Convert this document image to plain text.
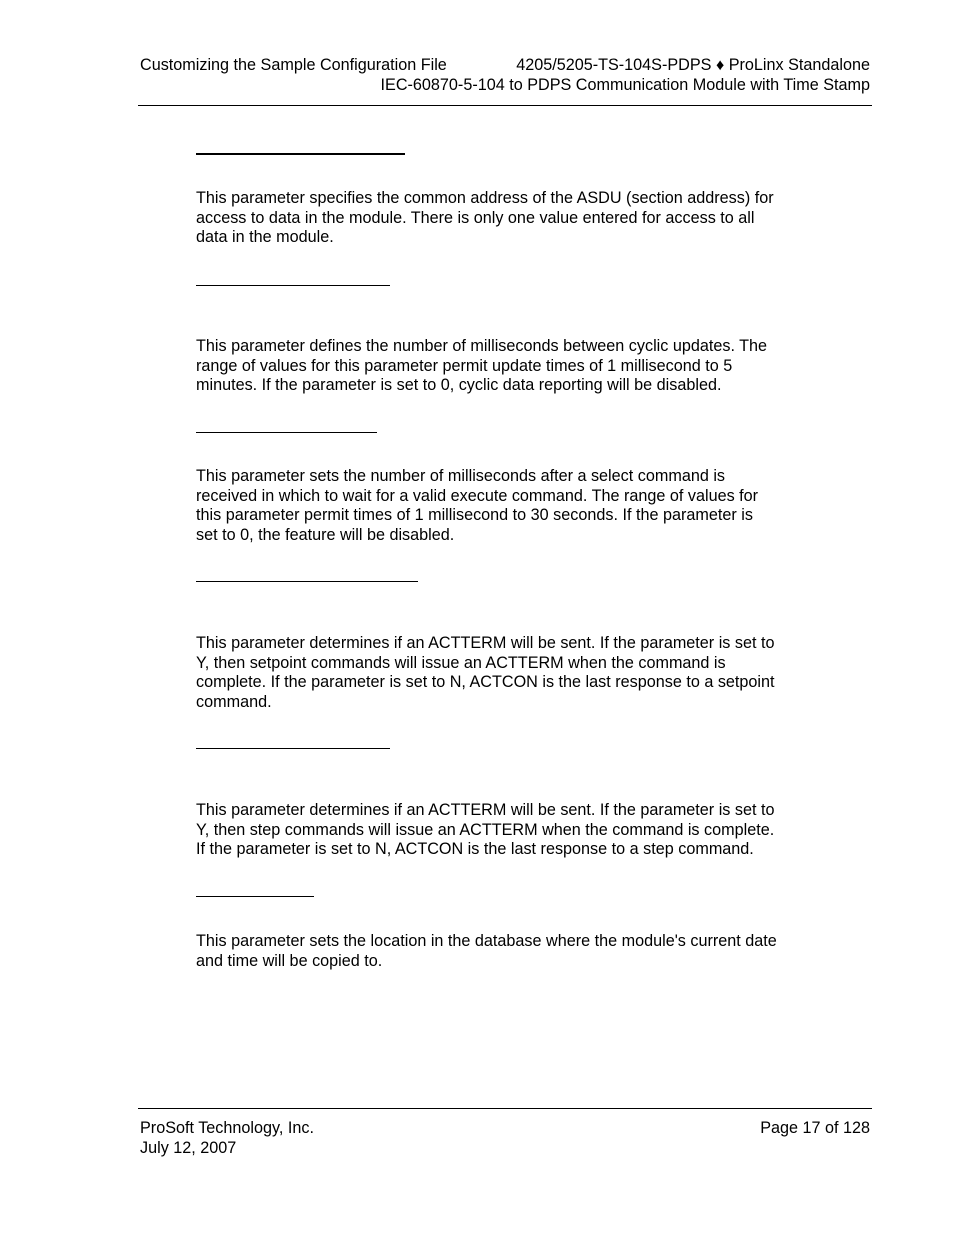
Customizing the Sample Configuration File	4205/5205-TS-104S-PDPS ♦ ProLinx Standalone
IEC-60870-5-104 to PDPS Communication Module with Time Stamp

This parameter specifies the common address of the ASDU (section address) for
access to data in the module. There is only one value entered for access to all
data in the module.

This parameter defines the number of milliseconds between cyclic updates. The
range of values for this parameter permit update times of 1 millisecond to 5
minutes. If the parameter is set to 0, cyclic data reporting will be disabled.

This parameter sets the number of milliseconds after a select command is
received in which to wait for a valid execute command. The range of values for
this parameter permit times of 1 millisecond to 30 seconds. If the parameter is
set to 0, the feature will be disabled.

This parameter determines if an ACTTERM will be sent. If the parameter is set to
Y, then setpoint commands will issue an ACTTERM when the command is
complete. If the parameter is set to N, ACTCON is the last response to a setpoint
command.

This parameter determines if an ACTTERM will be sent. If the parameter is set to
Y, then step commands will issue an ACTTERM when the command is complete.
If the parameter is set to N, ACTCON is the last response to a step command.

This parameter sets the location in the database where the module's current date
and time will be copied to.

ProSoft Technology, Inc.	Page 17 of 128
July 12, 2007
